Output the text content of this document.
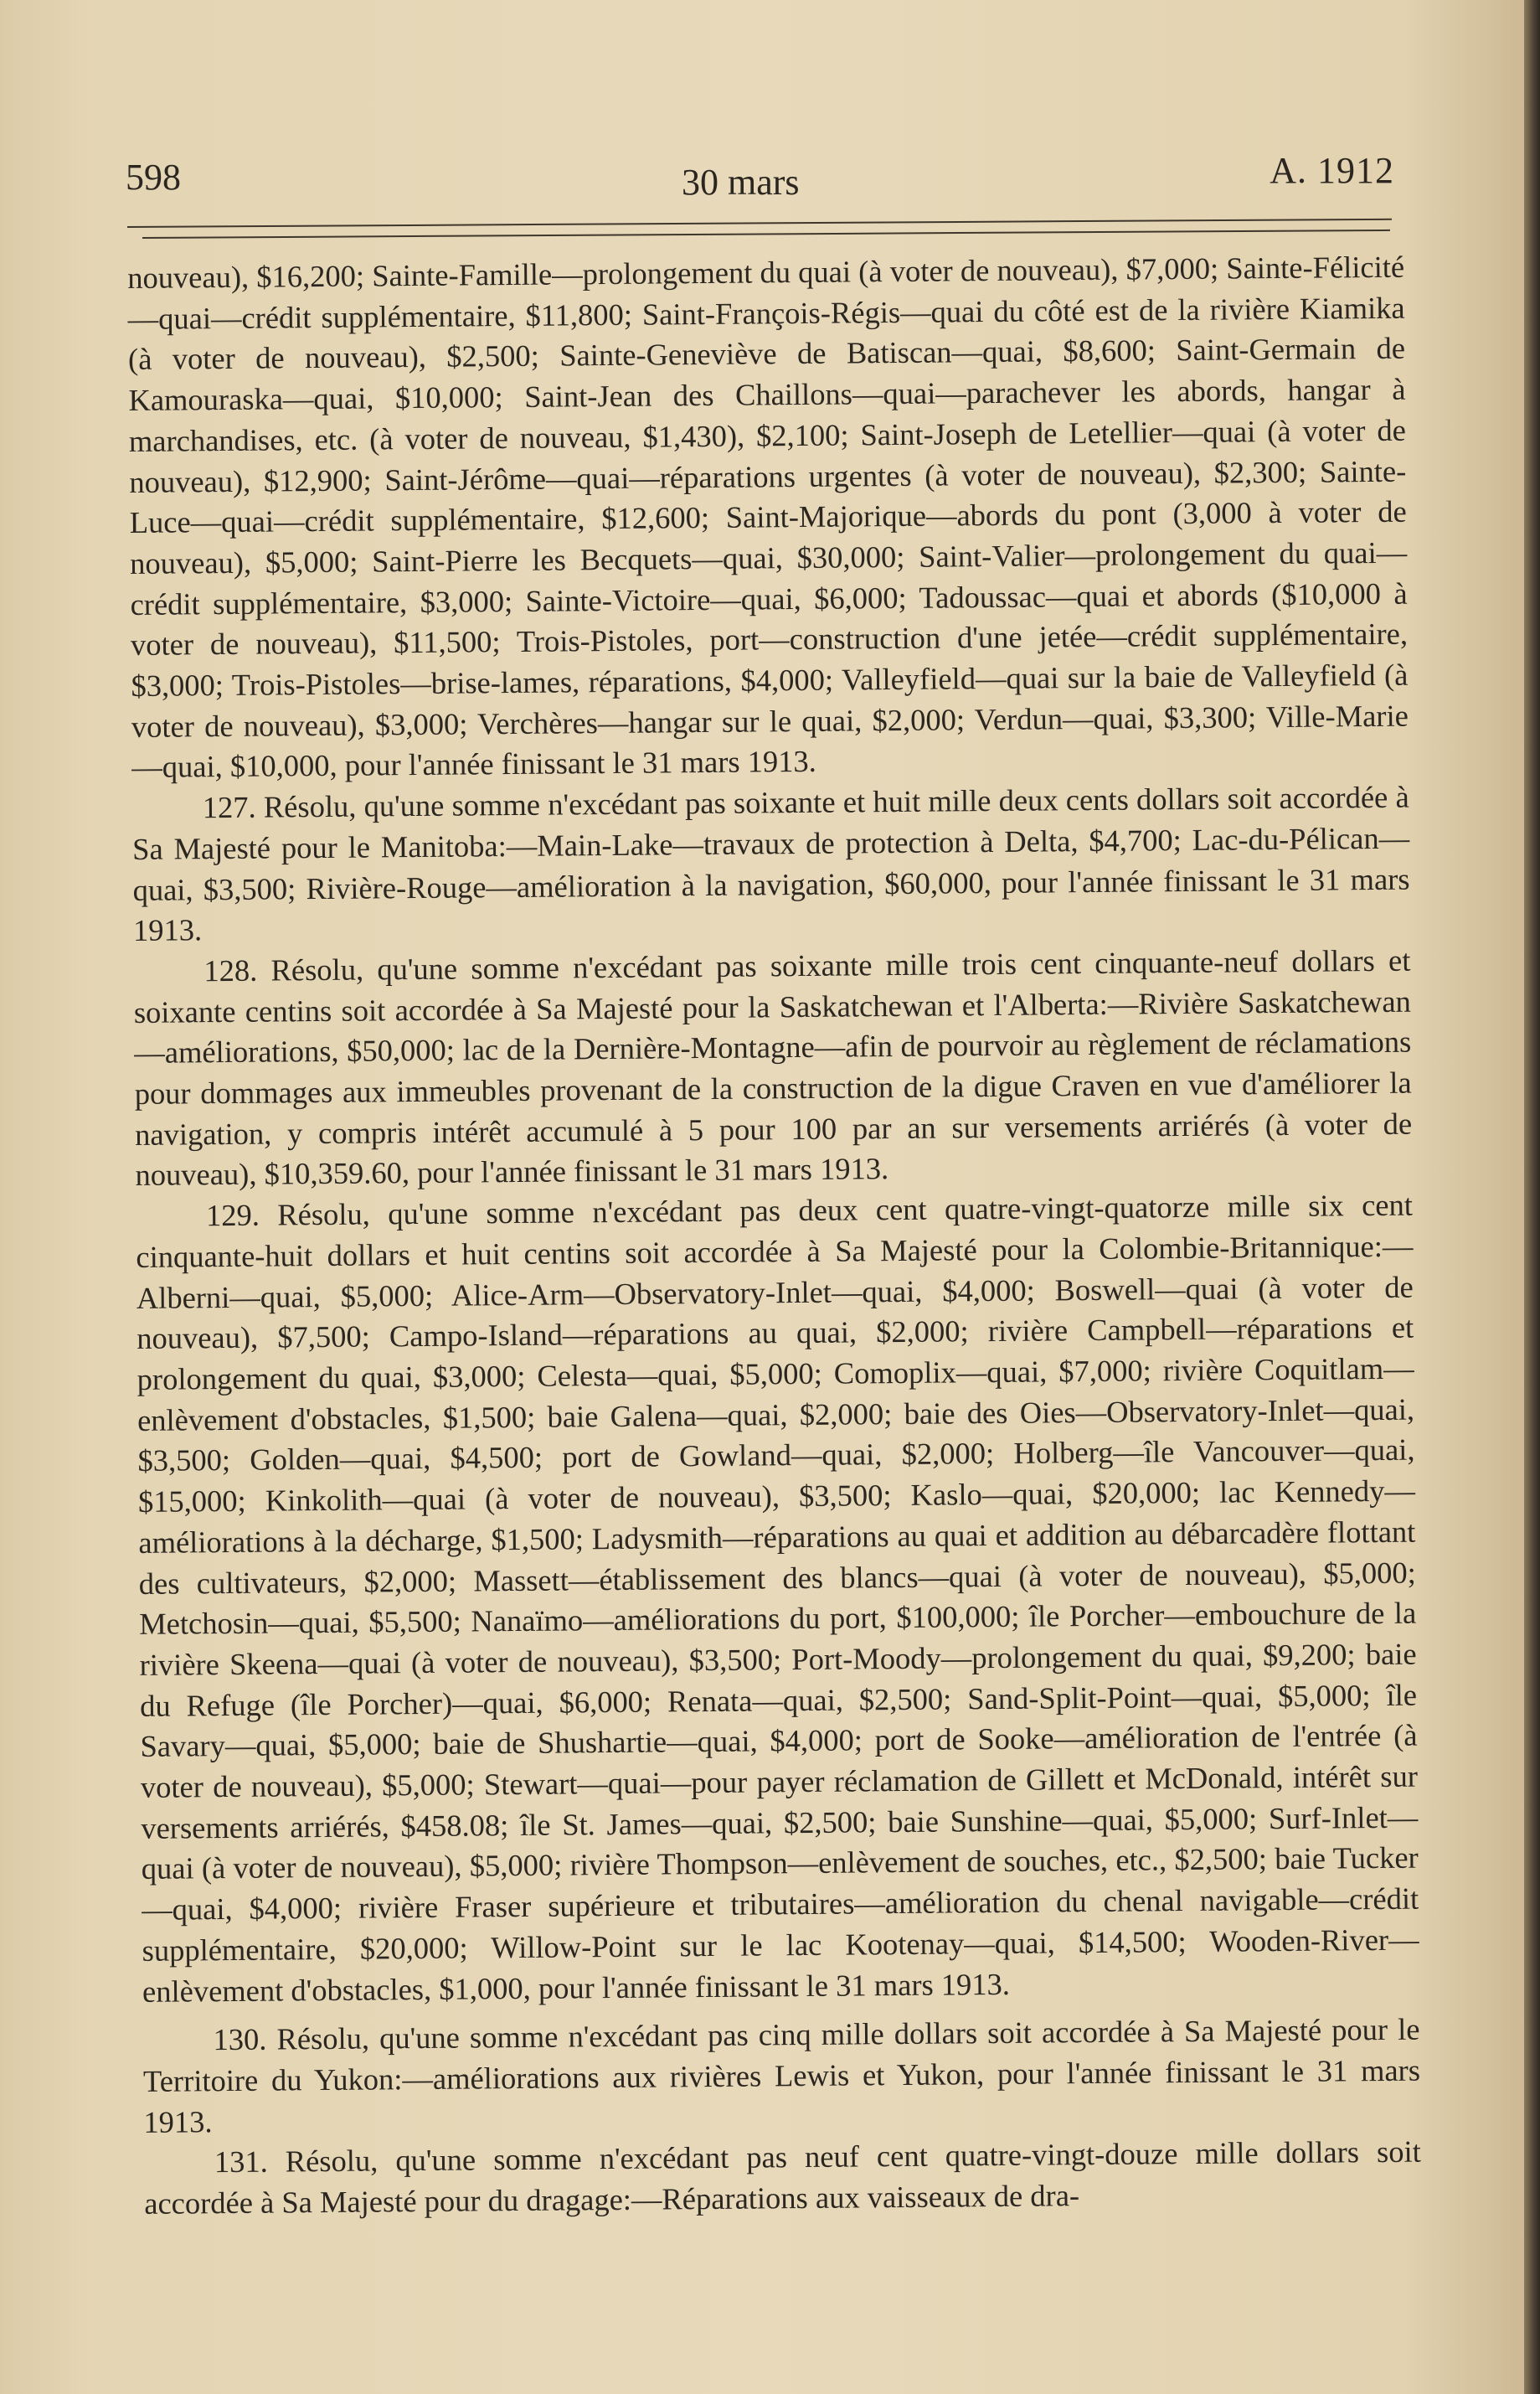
598	30 mars	A. 1912

nouveau), $16,200; Sainte-Famille—prolongement du quai (à voter de nouveau), $7,000; Sainte-Félicité—quai—crédit supplémentaire, $11,800; Saint-François-Régis—quai du côté est de la rivière Kiamika (à voter de nouveau), $2,500; Sainte-Geneviève de Batiscan—quai, $8,600; Saint-Germain de Kamouraska—quai, $10,000; Saint-Jean des Chaillons—quai—parachever les abords, hangar à marchandises, etc. (à voter de nouveau, $1,430), $2,100; Saint-Joseph de Letellier—quai (à voter de nouveau), $12,900; Saint-Jérôme—quai—réparations urgentes (à voter de nouveau), $2,300; Sainte-Luce—quai—crédit supplémentaire, $12,600; Saint-Majorique—abords du pont (3,000 à voter de nouveau), $5,000; Saint-Pierre les Becquets—quai, $30,000; Saint-Valier—prolongement du quai—crédit supplémentaire, $3,000; Sainte-Victoire—quai, $6,000; Tadoussac—quai et abords ($10,000 à voter de nouveau), $11,500; Trois-Pistoles, port—construction d'une jetée—crédit supplémentaire, $3,000; Trois-Pistoles—brise-lames, réparations, $4,000; Valleyfield—quai sur la baie de Valleyfield (à voter de nouveau), $3,000; Verchères—hangar sur le quai, $2,000; Verdun—quai, $3,300; Ville-Marie—quai, $10,000, pour l'année finissant le 31 mars 1913.

127. Résolu, qu'une somme n'excédant pas soixante et huit mille deux cents dollars soit accordée à Sa Majesté pour le Manitoba:—Main-Lake—travaux de protection à Delta, $4,700; Lac-du-Pélican—quai, $3,500; Rivière-Rouge—amélioration à la navigation, $60,000, pour l'année finissant le 31 mars 1913.

128. Résolu, qu'une somme n'excédant pas soixante mille trois cent cinquante-neuf dollars et soixante centins soit accordée à Sa Majesté pour la Saskatchewan et l'Alberta:—Rivière Saskatchewan—améliorations, $50,000; lac de la Dernière-Montagne—afin de pourvoir au règlement de réclamations pour dommages aux immeubles provenant de la construction de la digue Craven en vue d'améliorer la navigation, y compris intérêt accumulé à 5 pour 100 par an sur versements arriérés (à voter de nouveau), $10,359.60, pour l'année finissant le 31 mars 1913.

129. Résolu, qu'une somme n'excédant pas deux cent quatre-vingt-quatorze mille six cent cinquante-huit dollars et huit centins soit accordée à Sa Majesté pour la Colombie-Britannique:—Alberni—quai, $5,000; Alice-Arm—Observatory-Inlet—quai, $4,000; Boswell—quai (à voter de nouveau), $7,500; Campo-Island—réparations au quai, $2,000; rivière Campbell—réparations et prolongement du quai, $3,000; Celesta—quai, $5,000; Comoplix—quai, $7,000; rivière Coquitlam—enlèvement d'obstacles, $1,500; baie Galena—quai, $2,000; baie des Oies—Observatory-Inlet—quai, $3,500; Golden—quai, $4,500; port de Gowland—quai, $2,000; Holberg—île Vancouver—quai, $15,000; Kinkolith—quai (à voter de nouveau), $3,500; Kaslo—quai, $20,000; lac Kennedy—améliorations à la décharge, $1,500; Ladysmith—réparations au quai et addition au débarcadère flottant des cultivateurs, $2,000; Massett—établissement des blancs—quai (à voter de nouveau), $5,000; Metchosin—quai, $5,500; Nanaïmo—améliorations du port, $100,000; île Porcher—embouchure de la rivière Skeena—quai (à voter de nouveau), $3,500; Port-Moody—prolongement du quai, $9,200; baie du Refuge (île Porcher)—quai, $6,000; Renata—quai, $2,500; Sand-Split-Point—quai, $5,000; île Savary—quai, $5,000; baie de Shushartie—quai, $4,000; port de Sooke—amélioration de l'entrée (à voter de nouveau), $5,000; Stewart—quai—pour payer réclamation de Gillett et McDonald, intérêt sur versements arriérés, $458.08; île St. James—quai, $2,500; baie Sunshine—quai, $5,000; Surf-Inlet—quai (à voter de nouveau), $5,000; rivière Thompson—enlèvement de souches, etc., $2,500; baie Tucker—quai, $4,000; rivière Fraser supérieure et tributaires—amélioration du chenal navigable—crédit supplémentaire, $20,000; Willow-Point sur le lac Kootenay—quai, $14,500; Wooden-River—enlèvement d'obstacles, $1,000, pour l'année finissant le 31 mars 1913.

130. Résolu, qu'une somme n'excédant pas cinq mille dollars soit accordée à Sa Majesté pour le Territoire du Yukon:—améliorations aux rivières Lewis et Yukon, pour l'année finissant le 31 mars 1913.

131. Résolu, qu'une somme n'excédant pas neuf cent quatre-vingt-douze mille dollars soit accordée à Sa Majesté pour du dragage:—Réparations aux vaisseaux de dra-
